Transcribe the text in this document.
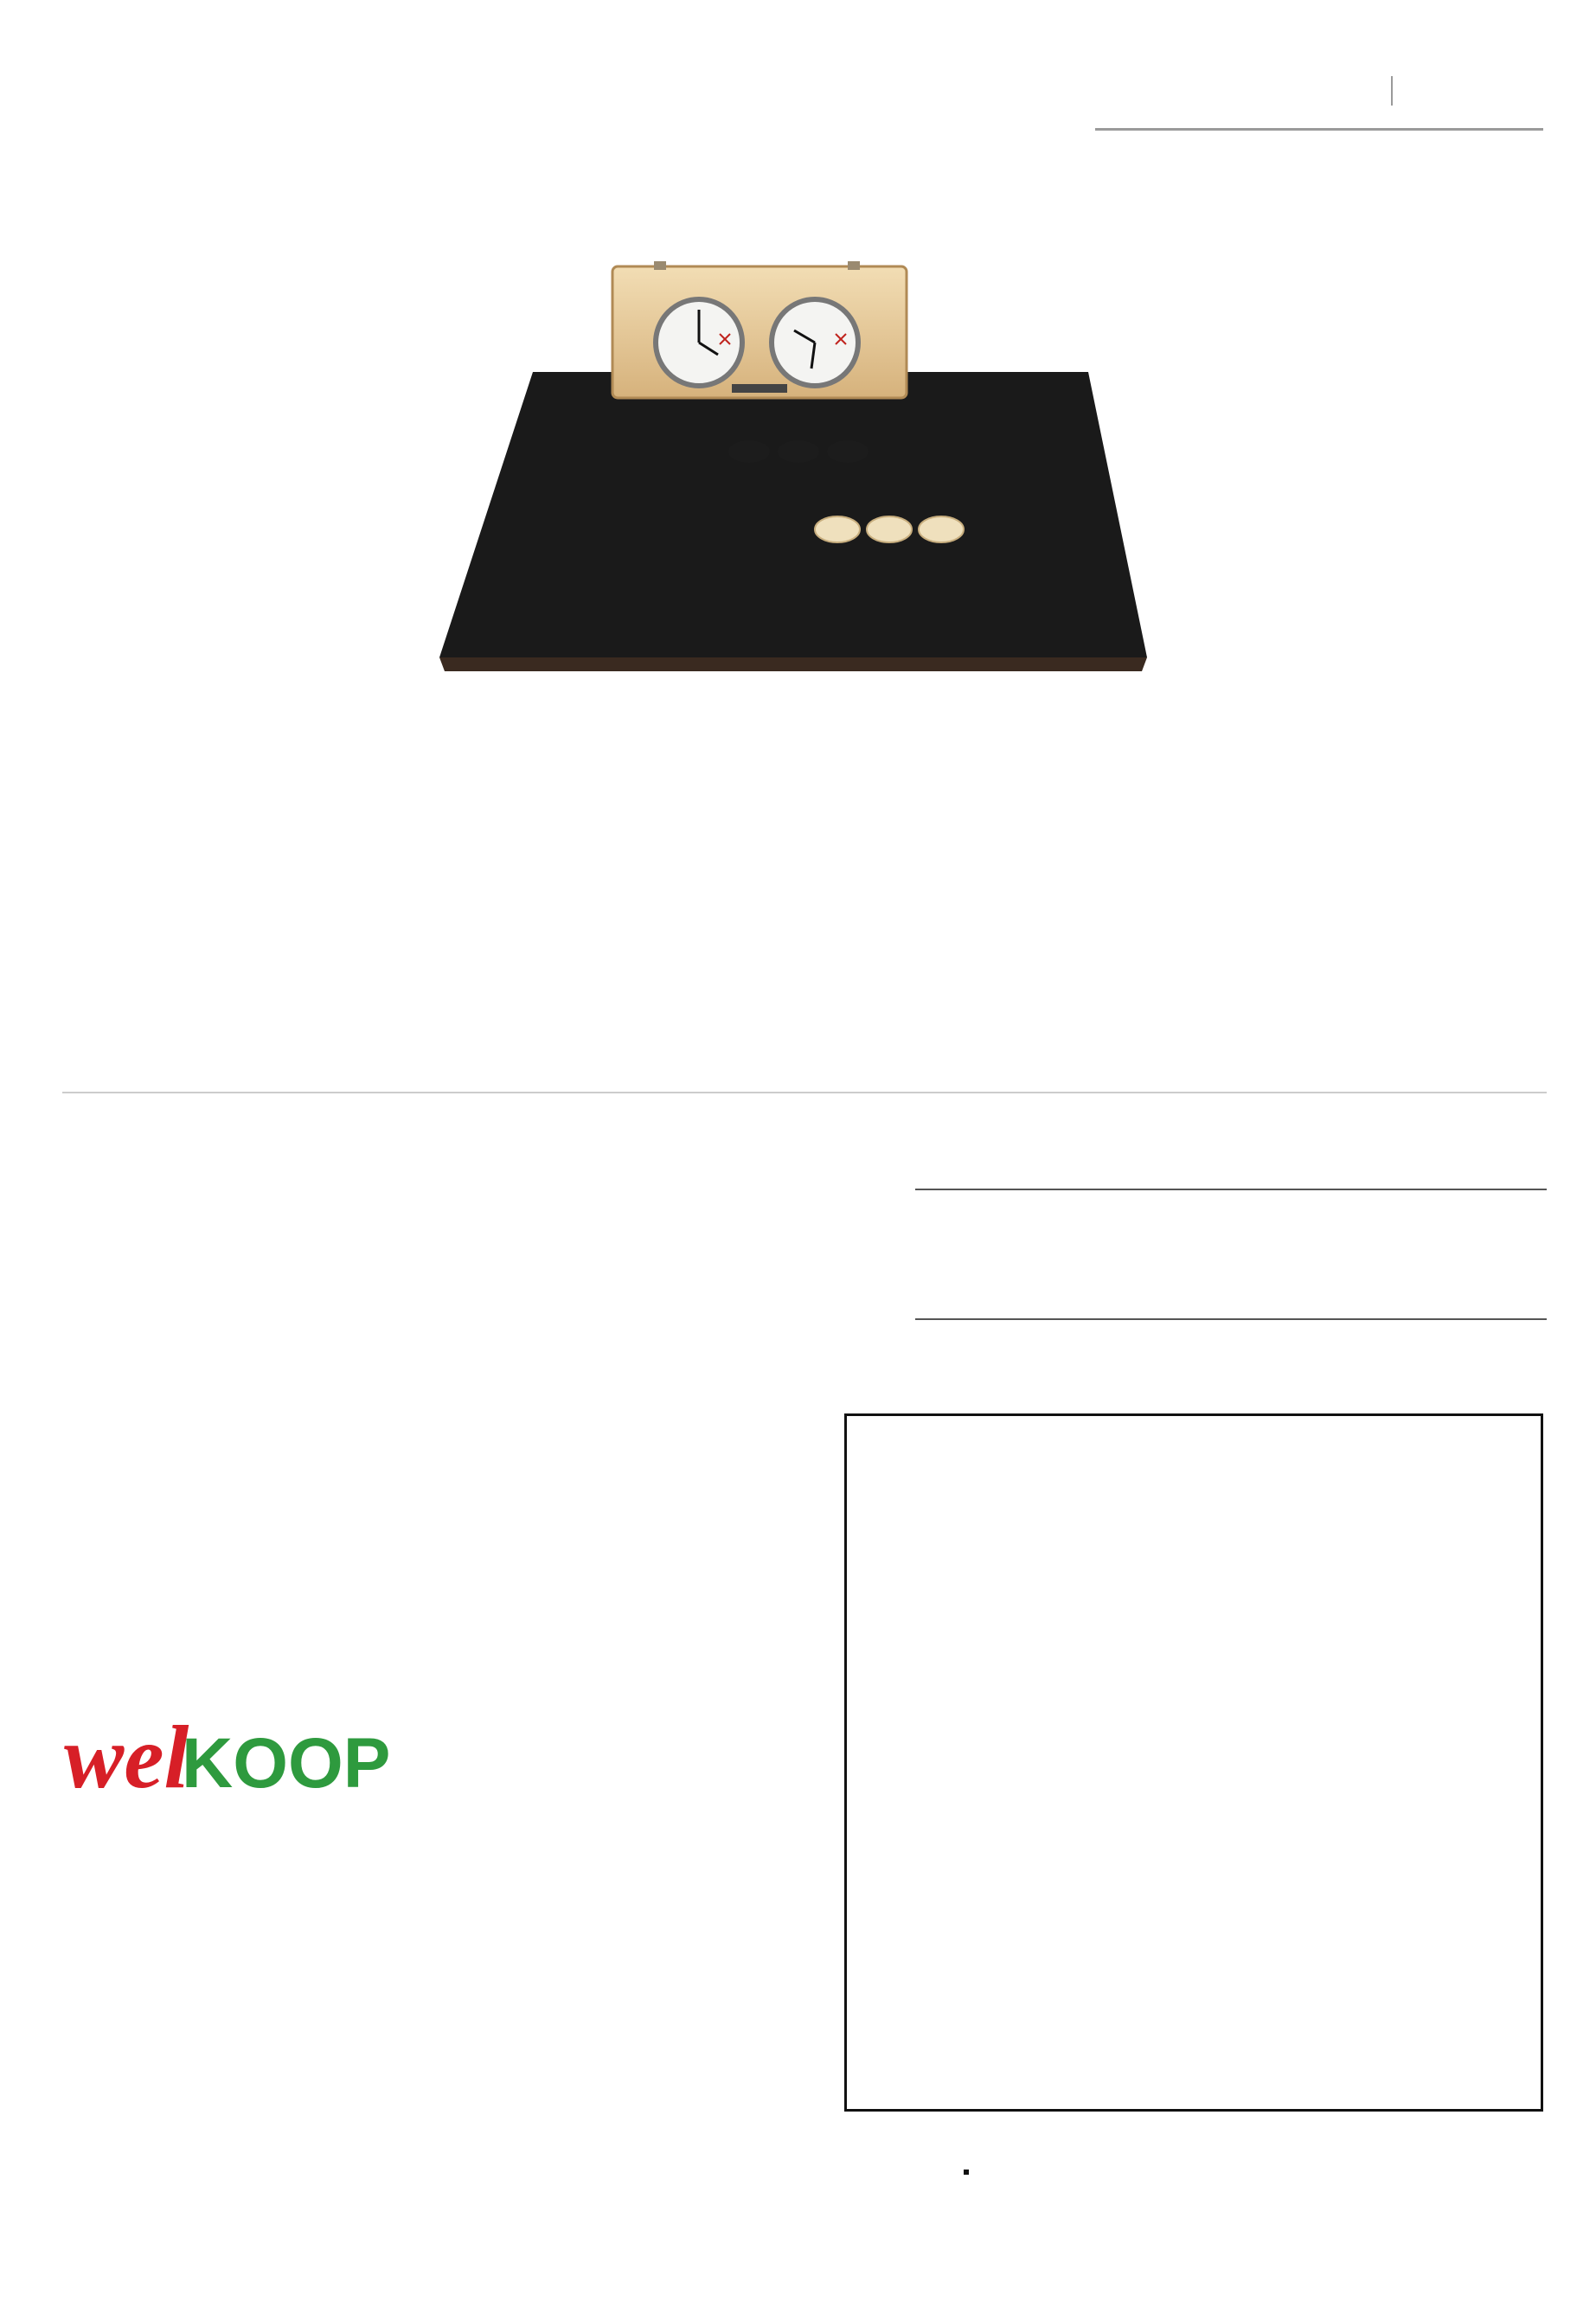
wel
KOOP
